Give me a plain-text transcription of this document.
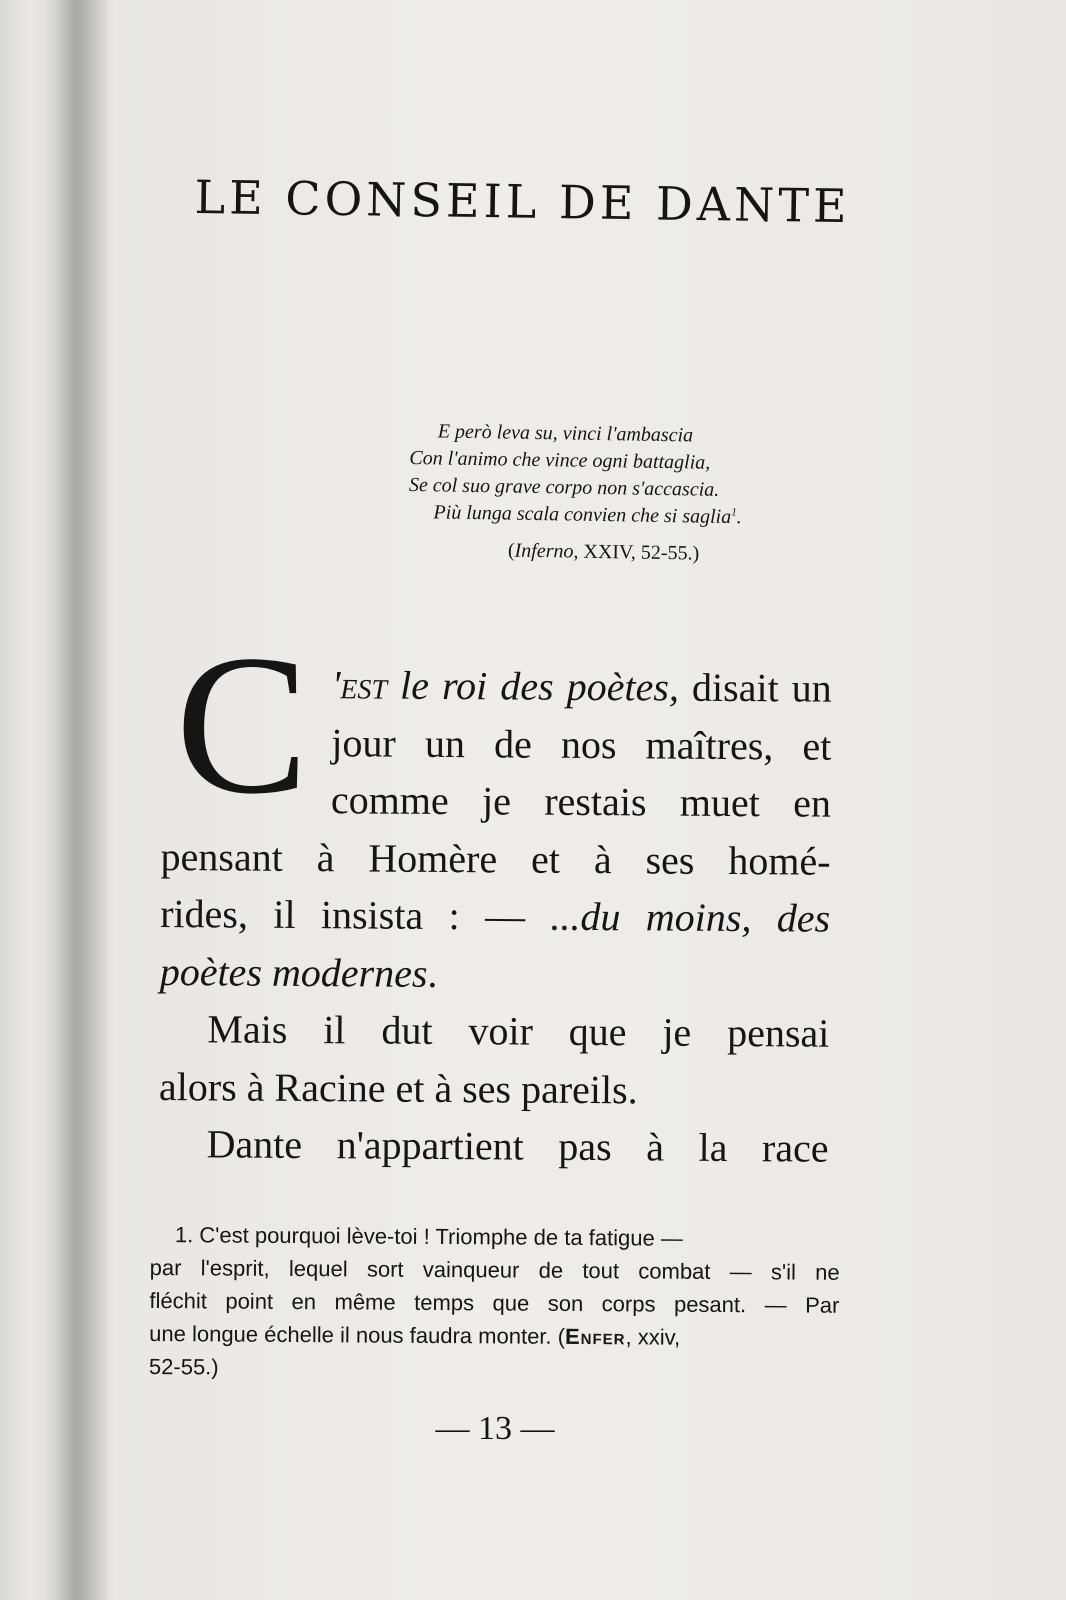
LE CONSEIL DE DANTE
E però leva su, vinci l'ambascia
Con l'animo che vince ogni battaglia,
Se col suo grave corpo non s'accascia.
Più lunga scala convien che si saglia$^1$.
(Inferno, XXIV, 52-55.)
C 'est le roi des poètes, disait un
jour un de nos maîtres, et
comme je restais muet en
pensant à Homère et à ses homé-
rides, il insista : — ...du moins, des
poètes modernes.
Mais il dut voir que je pensai
alors à Racine et à ses pareils.
Dante n'appartient pas à la race
1. C'est pourquoi lève-toi ! Triomphe de ta fatigue —
par l'esprit, lequel sort vainqueur de tout combat — s'il ne
fléchit point en même temps que son corps pesant. — Par
une longue échelle il nous faudra monter. (Enfer, xxiv,
52-55.)
— 13 —
